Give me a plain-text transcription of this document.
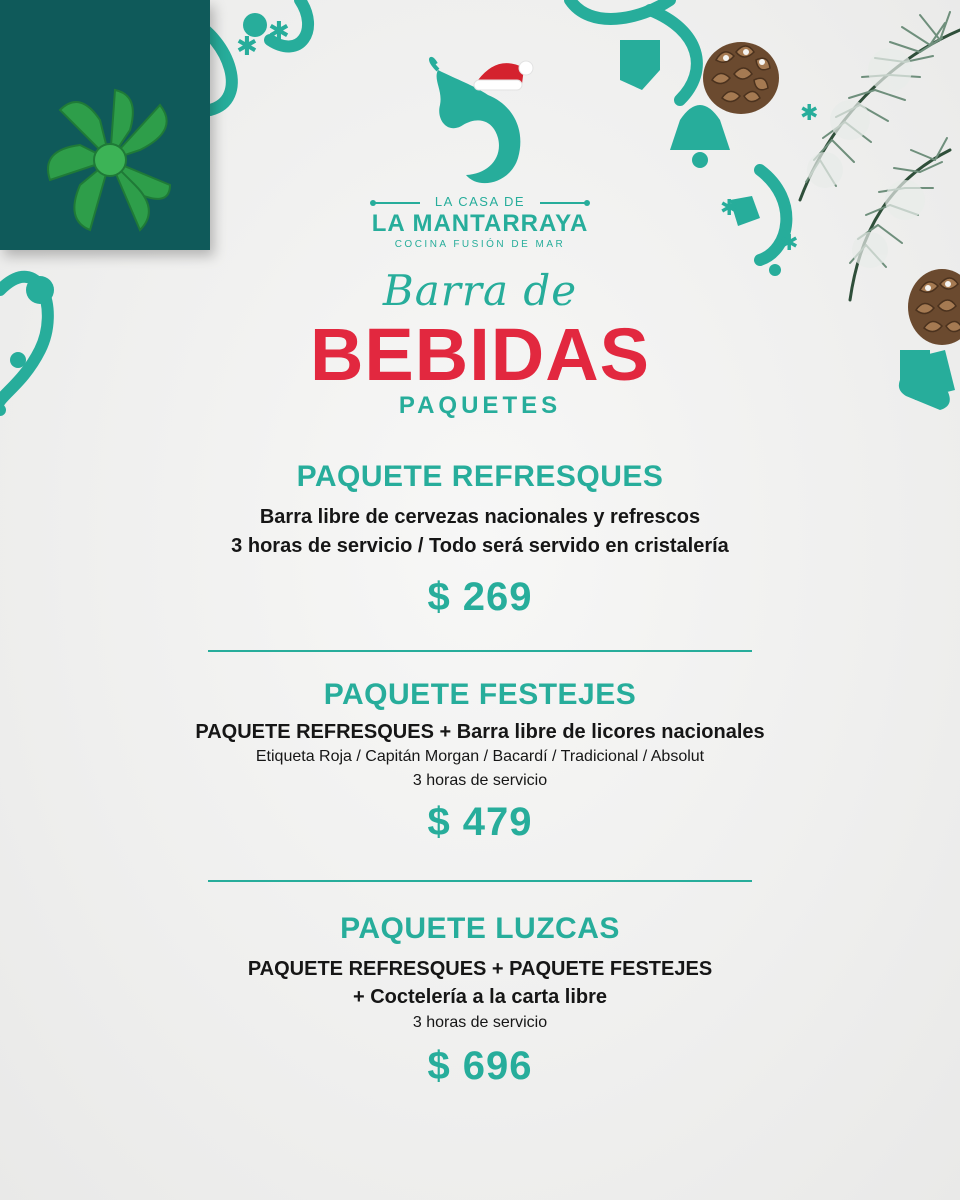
✱ ✱
✱
✱
✱
LA CASA DE
LA MANTARRAYA
COCINA FUSIÓN DE MAR
Barra de
BEBIDAS
PAQUETES
PAQUETE REFRESQUES
Barra libre de cervezas nacionales y refrescos
3 horas de servicio / Todo será servido en cristalería
$ 269
PAQUETE FESTEJES
PAQUETE REFRESQUES + Barra libre de licores nacionales
Etiqueta Roja / Capitán Morgan / Bacardí / Tradicional / Absolut
3 horas de servicio
$ 479
PAQUETE LUZCAS
PAQUETE REFRESQUES + PAQUETE FESTEJES
+ Coctelería a la carta libre
3 horas de servicio
$ 696
